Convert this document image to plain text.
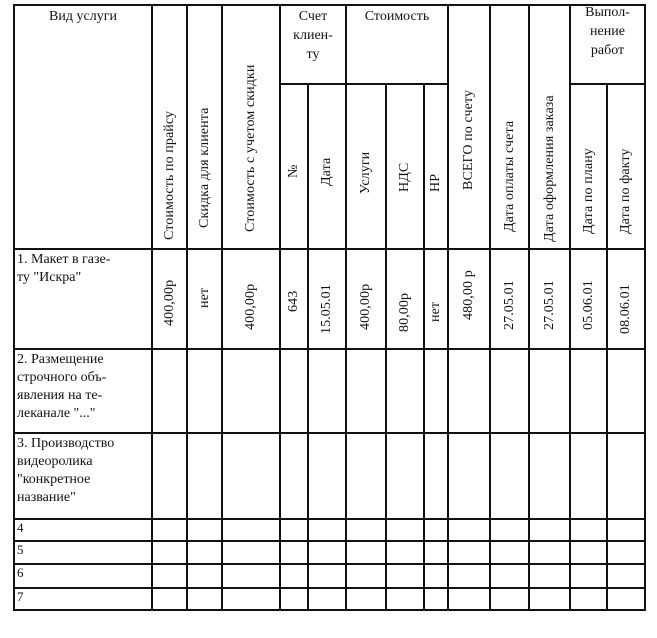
Вид услуги
Стоимость по прайсу Скидка для клиента Стоимость с учетом скидки
Счет
клиен-
ту
№ Дата
Стоимость
Услуги НДС НР ВСЕГО по счету Дата оплаты счета Дата оформления заказа
Выпол-
нение
работ
Дата по плану Дата по факту
1. Макет в газе-
ту "Искра"
2. Размещение
строчного объ-
явления на те-
леканале "..."
3. Производство
видеоролика
"конкретное
название"
4
5
6
7
400,00р нет 400,00р 643 15.05.01 400,00р 80,00р нет 480,00 р 27.05.01 27.05.01 05.06.01 08.06.01
